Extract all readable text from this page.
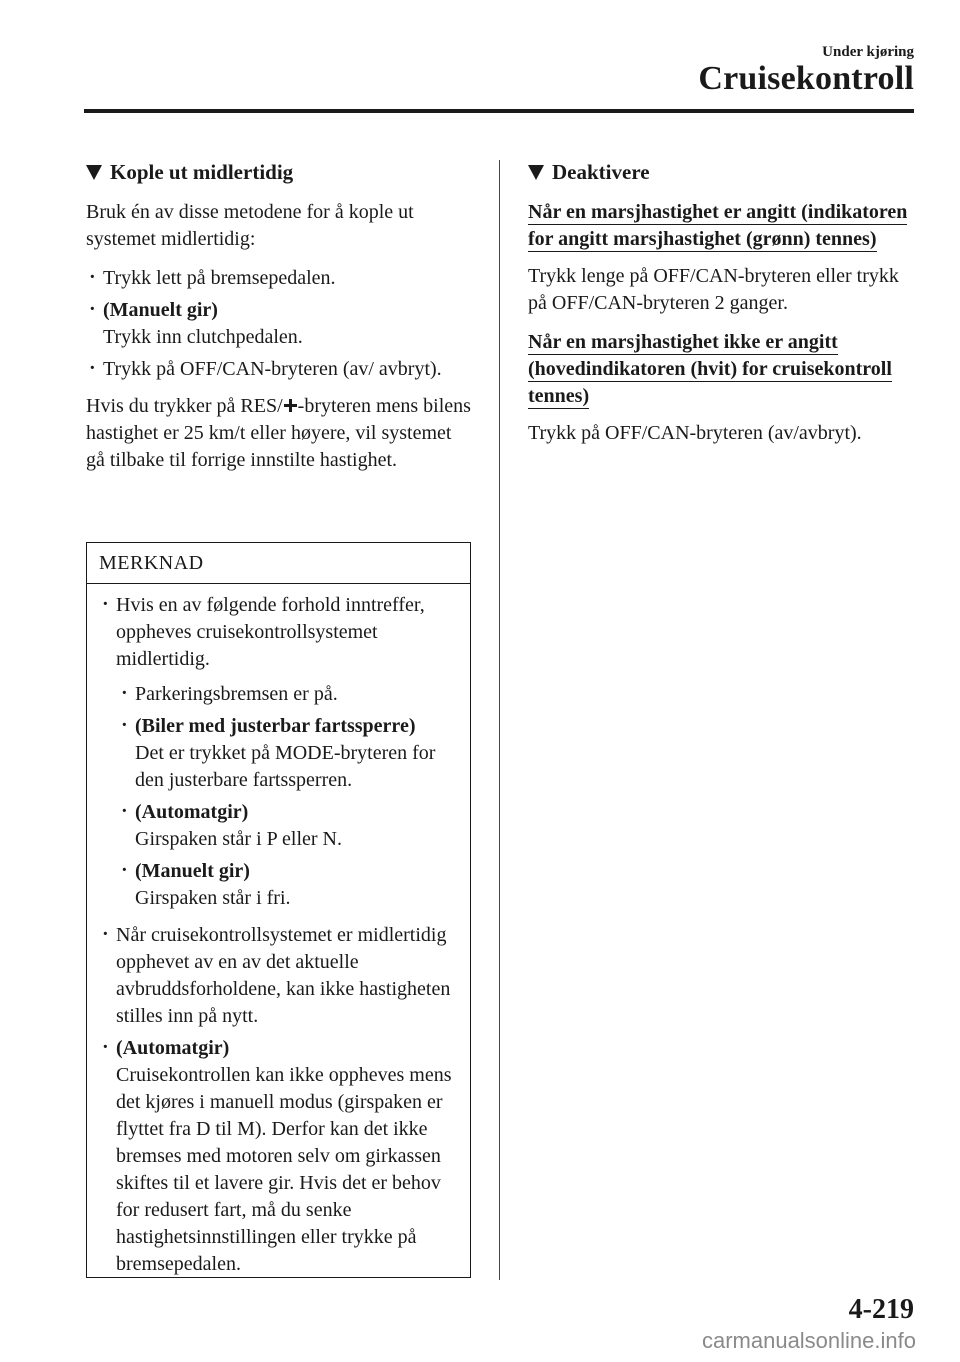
Under kjøring
Cruisekontroll
Kople ut midlertidig

Bruk én av disse metodene for å kople ut systemet midlertidig:

· Trykk lett på bremsepedalen.
· (Manuelt gir)
Trykk inn clutchpedalen.
· Trykk på OFF/CAN-bryteren (av/ avbryt).

Hvis du trykker på RES/ -bryteren mens bilens hastighet er 25 km/t eller høyere, vil systemet gå tilbake til forrige innstilte hastighet.

MERKNAD
· Hvis en av følgende forhold inntreffer, oppheves cruisekontrollsystemet midlertidig.
· Parkeringsbremsen er på.
· (Biler med justerbar fartssperre)
Det er trykket på MODE-bryteren for den justerbare fartssperren.
· (Automatgir)
Girspaken står i P eller N.
· (Manuelt gir)
Girspaken står i fri.
· Når cruisekontrollsystemet er midlertidig opphevet av en av det aktuelle avbruddsforholdene, kan ikke hastigheten stilles inn på nytt.
· (Automatgir)
Cruisekontrollen kan ikke oppheves mens det kjøres i manuell modus (girspaken er flyttet fra D til M). Derfor kan det ikke bremses med motoren selv om girkassen skiftes til et lavere gir. Hvis det er behov for redusert fart, må du senke hastighetsinnstillingen eller trykke på bremsepedalen.
Deaktivere
Når en marsjhastighet er angitt (indikatoren for angitt marsjhastighet (grønn) tennes)

Trykk lenge på OFF/CAN-bryteren eller trykk på OFF/CAN-bryteren 2 ganger.

Når en marsjhastighet ikke er angitt (hovedindikatoren (hvit) for cruisekontroll tennes)

Trykk på OFF/CAN-bryteren (av/avbryt).

4-219
carmanualsonline.info
